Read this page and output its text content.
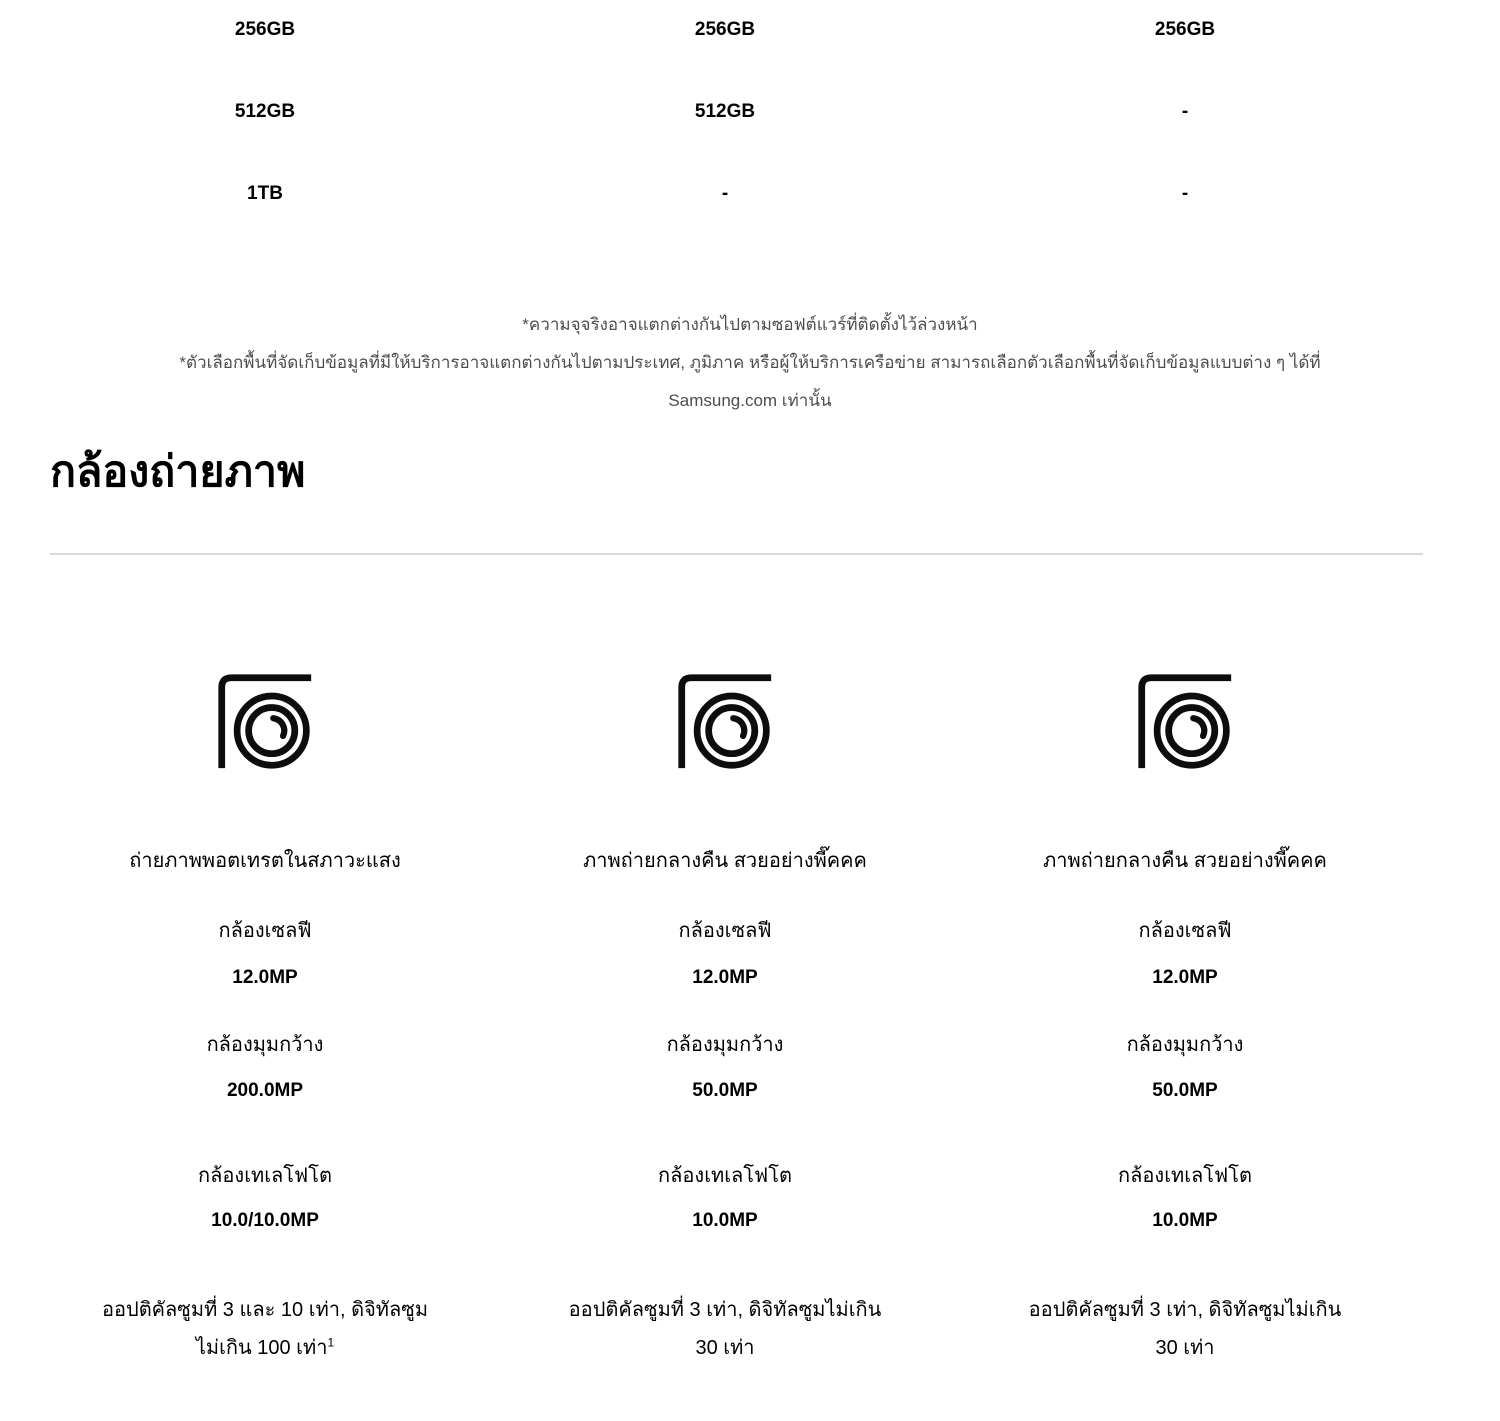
256GB	256GB	256GB
512GB	512GB	-
1TB	-	-

*ความจุจริงอาจแตกต่างกันไปตามซอฟต์แวร์ที่ติดตั้งไว้ล่วงหน้า

*ตัวเลือกพื้นที่จัดเก็บข้อมูลที่มีให้บริการอาจแตกต่างกันไปตามประเทศ, ภูมิภาค หรือผู้ให้บริการเครือข่าย สามารถเลือกตัวเลือกพื้นที่จัดเก็บข้อมูลแบบต่าง ๆ ได้ที่

Samsung.com เท่านั้น

กล้องถ่ายภาพ

ถ่ายภาพพอตเทรตในสภาวะแสง

กล้องเซลฟี

12.0MP

กล้องมุมกว้าง

200.0MP

กล้องเทเลโฟโต

10.0/10.0MP

ออปติคัลซูมที่ 3 และ 10 เท่า, ดิจิทัลซูม
ไม่เกิน 100 เท่า$^1$

ภาพถ่ายกลางคืน สวยอย่างพี๊คคค

กล้องเซลฟี

12.0MP

กล้องมุมกว้าง

50.0MP

กล้องเทเลโฟโต

10.0MP

ออปติคัลซูมที่ 3 เท่า, ดิจิทัลซูมไม่เกิน
30 เท่า

ภาพถ่ายกลางคืน สวยอย่างพี๊คคค

กล้องเซลฟี

12.0MP

กล้องมุมกว้าง

50.0MP

กล้องเทเลโฟโต

10.0MP

ออปติคัลซูมที่ 3 เท่า, ดิจิทัลซูมไม่เกิน
30 เท่า
